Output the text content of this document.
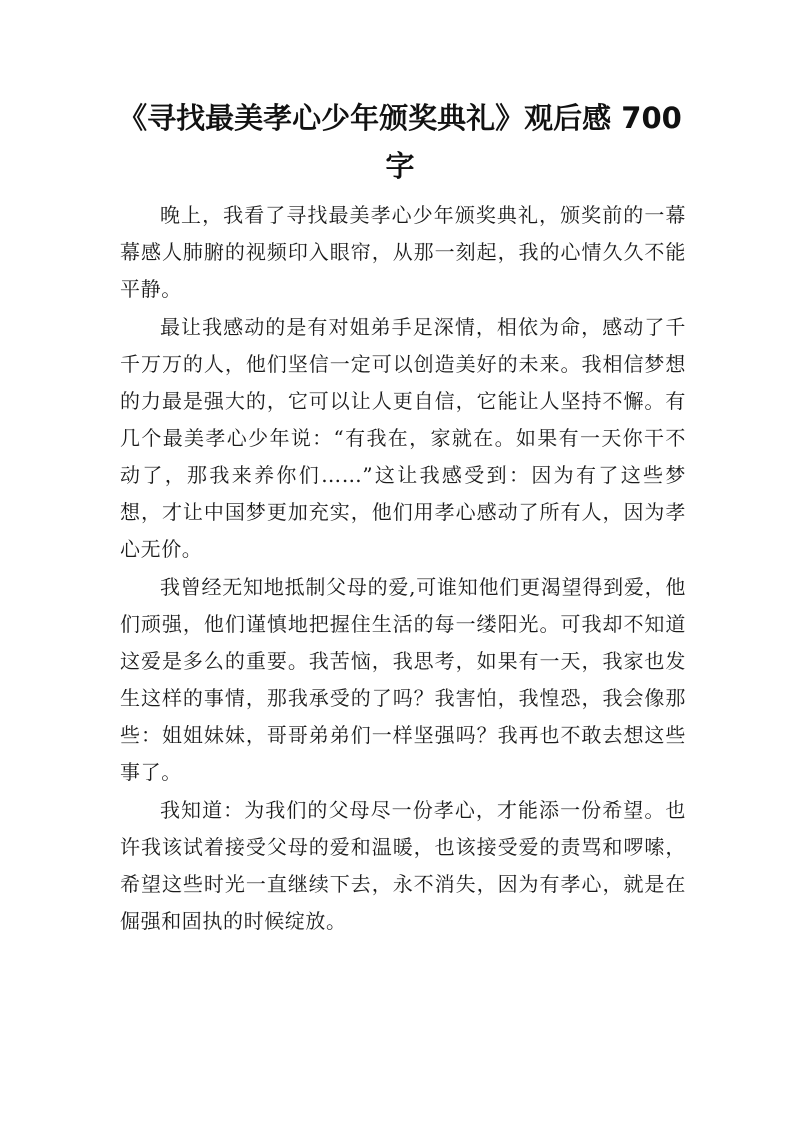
《寻找最美孝心少年颁奖典礼》观后感 700 字

晚上，我看了寻找最美孝心少年颁奖典礼，颁奖前的一幕幕感人肺腑的视频印入眼帘，从那一刻起，我的心情久久不能平静。

最让我感动的是有对姐弟手足深情，相依为命，感动了千千万万的人，他们坚信一定可以创造美好的未来。我相信梦想的力最是强大的，它可以让人更自信，它能让人坚持不懈。有几个最美孝心少年说：“有我在，家就在。如果有一天你干不动了，那我来养你们……”这让我感受到：因为有了这些梦想，才让中国梦更加充实，他们用孝心感动了所有人，因为孝心无价。

我曾经无知地抵制父母的爱,可谁知他们更渴望得到爱，他们顽强，他们谨慎地把握住生活的每一缕阳光。可我却不知道这爱是多么的重要。我苦恼，我思考，如果有一天，我家也发生这样的事情，那我承受的了吗？我害怕，我惶恐，我会像那些：姐姐妹妹，哥哥弟弟们一样坚强吗？我再也不敢去想这些事了。

我知道：为我们的父母尽一份孝心，才能添一份希望。也许我该试着接受父母的爱和温暖，也该接受爱的责骂和啰嗦，希望这些时光一直继续下去，永不消失，因为有孝心，就是在倔强和固执的时候绽放。
